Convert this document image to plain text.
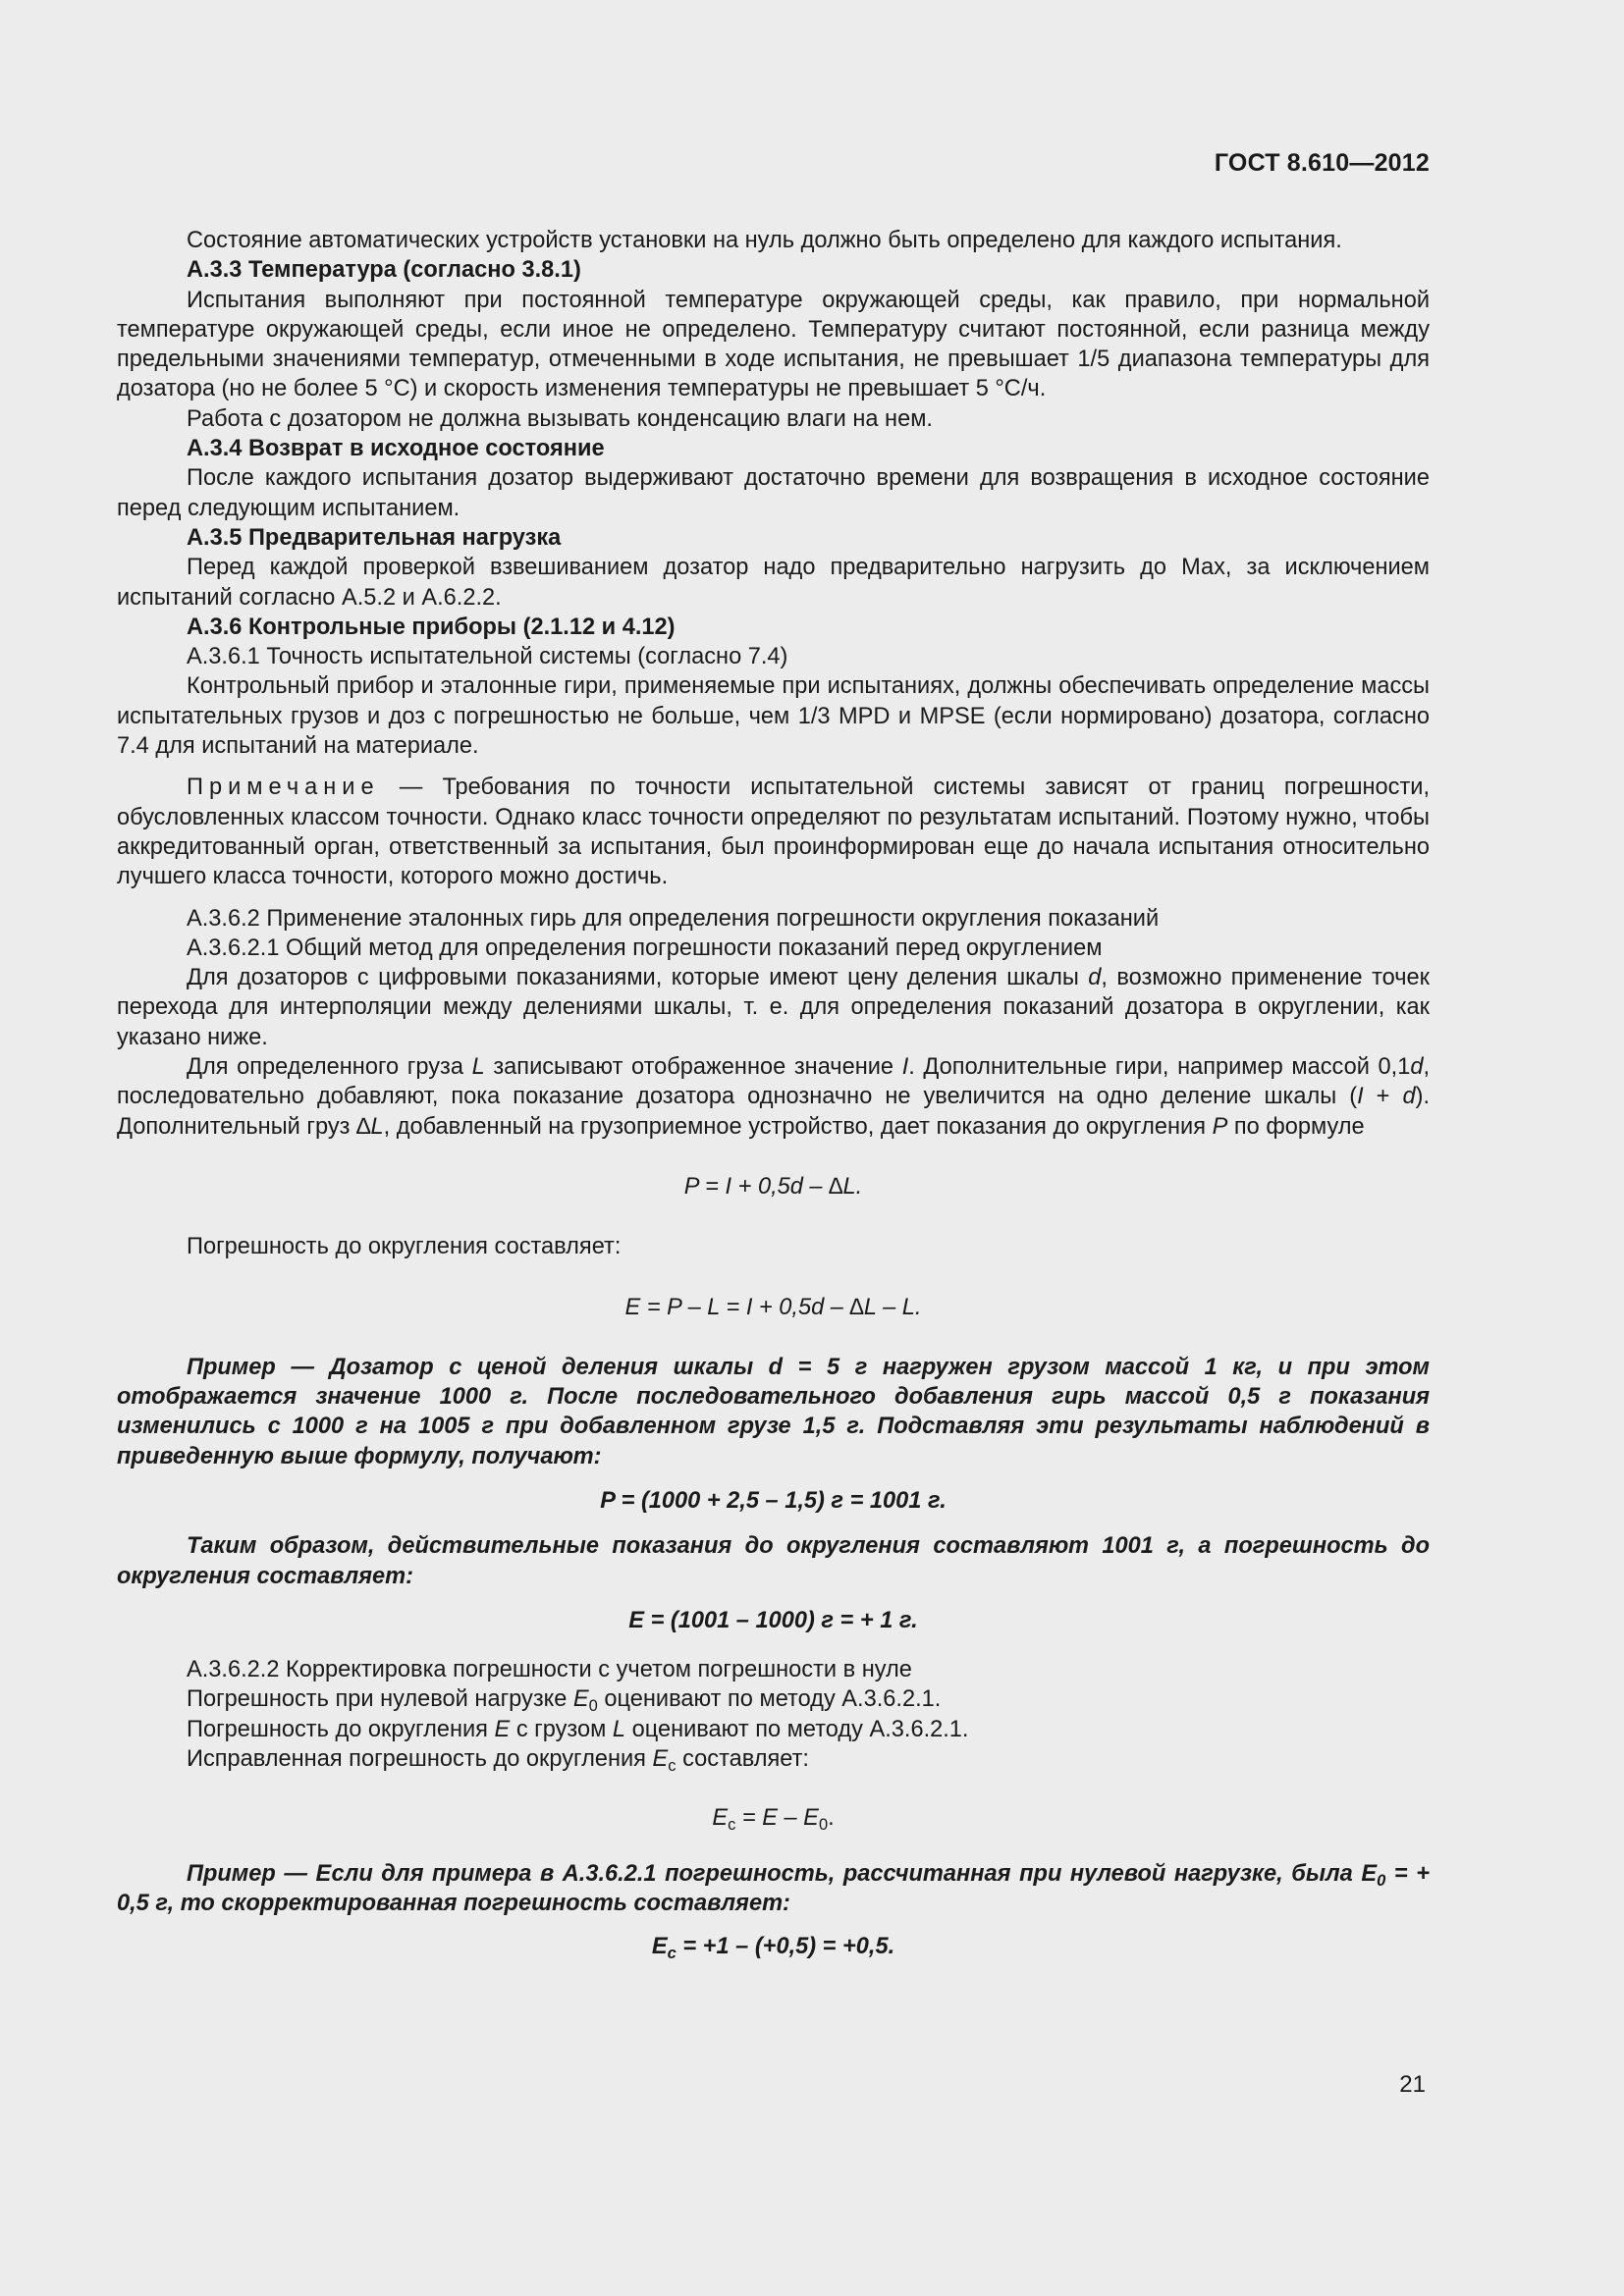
ГОСТ 8.610—2012

Состояние автоматических устройств установки на нуль должно быть определено для каждого испытания.

А.3.3 Температура (согласно 3.8.1)

Испытания выполняют при постоянной температуре окружающей среды, как правило, при нормальной температуре окружающей среды, если иное не определено. Температуру считают постоянной, если разница между предельными значениями температур, отмеченными в ходе испытания, не превышает 1/5 диапазона температуры для дозатора (но не более 5 °С) и скорость изменения температуры не превышает 5 °С/ч.

Работа с дозатором не должна вызывать конденсацию влаги на нем.

А.3.4 Возврат в исходное состояние

После каждого испытания дозатор выдерживают достаточно времени для возвращения в исходное состояние перед следующим испытанием.

А.3.5 Предварительная нагрузка

Перед каждой проверкой взвешиванием дозатор надо предварительно нагрузить до Мах, за исключением испытаний согласно А.5.2 и А.6.2.2.

А.3.6 Контрольные приборы (2.1.12 и 4.12)

А.3.6.1 Точность испытательной системы (согласно 7.4)

Контрольный прибор и эталонные гири, применяемые при испытаниях, должны обеспечивать определение массы испытательных грузов и доз с погрешностью не больше, чем 1/3 MPD и MPSE (если нормировано) дозатора, согласно 7.4 для испытаний на материале.

Примечание — Требования по точности испытательной системы зависят от границ погрешности, обусловленных классом точности. Однако класс точности определяют по результатам испытаний. Поэтому нужно, чтобы аккредитованный орган, ответственный за испытания, был проинформирован еще до начала испытания относительно лучшего класса точности, которого можно достичь.

А.3.6.2 Применение эталонных гирь для определения погрешности округления показаний

А.3.6.2.1 Общий метод для определения погрешности показаний перед округлением

Для дозаторов с цифровыми показаниями, которые имеют цену деления шкалы d, возможно применение точек перехода для интерполяции между делениями шкалы, т. е. для определения показаний дозатора в округлении, как указано ниже.

Для определенного груза L записывают отображенное значение I. Дополнительные гири, например массой 0,1d, последовательно добавляют, пока показание дозатора однозначно не увеличится на одно деление шкалы (I + d). Дополнительный груз ∆L, добавленный на грузоприемное устройство, дает показания до округления P по формуле

P = I + 0,5d – ∆L.

Погрешность до округления составляет:

E = P – L = I + 0,5d – ∆L – L.

Пример — Дозатор с ценой деления шкалы d = 5 г нагружен грузом массой 1 кг, и при этом отображается значение 1000 г. После последовательного добавления гирь массой 0,5 г показания изменились с 1000 г на 1005 г при добавленном грузе 1,5 г. Подставляя эти результаты наблюдений в приведенную выше формулу, получают:

P = (1000 + 2,5 – 1,5) г = 1001 г.

Таким образом, действительные показания до округления составляют 1001 г, а погрешность до округления составляет:

E = (1001 – 1000) г = + 1 г.

А.3.6.2.2 Корректировка погрешности с учетом погрешности в нуле

Погрешность при нулевой нагрузке $E_0$ оценивают по методу А.3.6.2.1.

Погрешность до округления E с грузом L оценивают по методу А.3.6.2.1.

Исправленная погрешность до округления $E_c$ составляет:

$E_c = E - E_0$.

Пример — Если для примера в А.3.6.2.1 погрешность, рассчитанная при нулевой нагрузке, была $E_0$ = + 0,5 г, то скорректированная погрешность составляет:

$E_c = +1 - (+0,5) = +0,5$.

21
